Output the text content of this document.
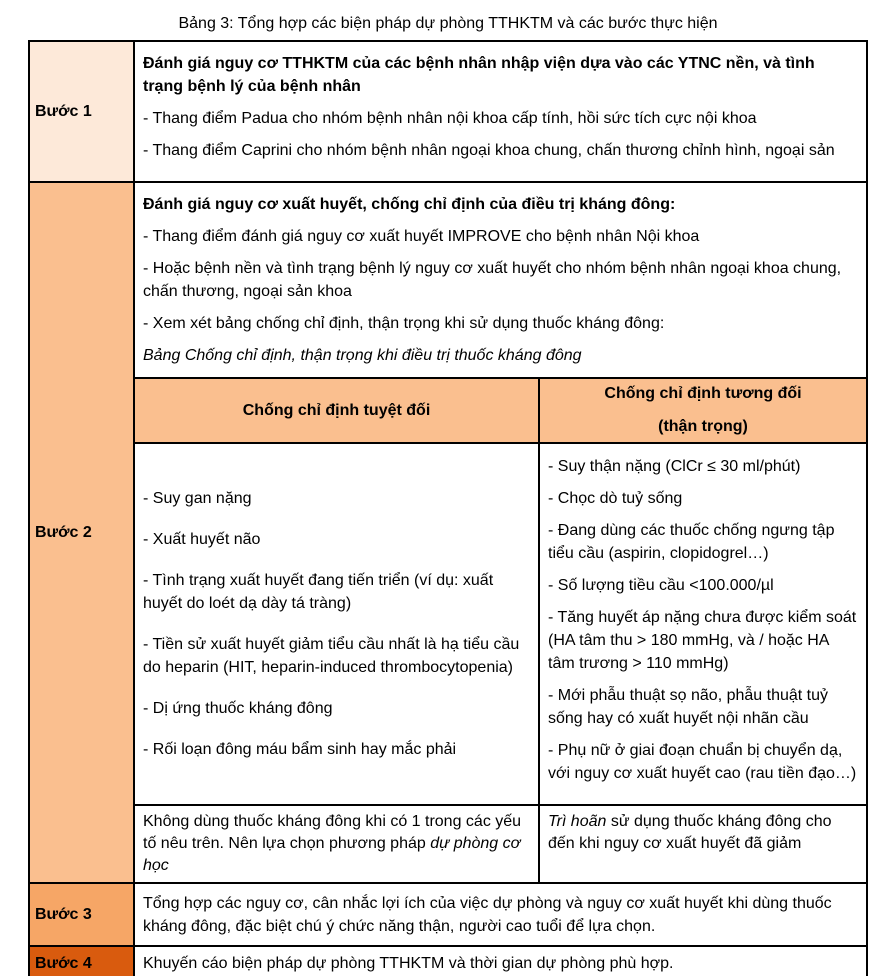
Bảng 3: Tổng hợp các biện pháp dự phòng TTHKTM và các bước thực hiện
Bước 1

Đánh giá nguy cơ TTHKTM của các bệnh nhân nhập viện dựa vào các YTNC nền, và tình trạng bệnh lý của bệnh nhân

- Thang điểm Padua cho nhóm bệnh nhân nội khoa cấp tính, hồi sức tích cực nội khoa

- Thang điểm Caprini cho nhóm bệnh nhân ngoại khoa chung, chấn thương chỉnh hình, ngoại sản

Bước 2

Đánh giá nguy cơ xuất huyết, chống chỉ định của điều trị kháng đông:

- Thang điểm đánh giá nguy cơ xuất huyết IMPROVE cho bệnh nhân Nội khoa

- Hoặc bệnh nền và tình trạng bệnh lý nguy cơ xuất huyết cho nhóm bệnh nhân ngoại khoa chung, chấn thương, ngoại sản khoa

- Xem xét bảng chống chỉ định, thận trọng khi sử dụng thuốc kháng đông:

Bảng Chống chỉ định, thận trọng khi điều trị thuốc kháng đông

Chống chỉ định tuyệt đối
Chống chỉ định tương đối
(thận trọng)

- Suy gan nặng

- Xuất huyết não

- Tình trạng xuất huyết đang tiến triển (ví dụ: xuất huyết do loét dạ dày tá tràng)

- Tiền sử xuất huyết giảm tiểu cầu nhất là hạ tiểu cầu do heparin (HIT, heparin-induced thrombocytopenia)

- Dị ứng thuốc kháng đông

- Rối loạn đông máu bẩm sinh hay mắc phải

- Suy thận nặng (ClCr ≤ 30 ml/phút)

- Chọc dò tuỷ sống

- Đang dùng các thuốc chống ngưng tập tiểu cầu (aspirin, clopidogrel…)

- Số lượng tiều cầu <100.000/µl

- Tăng huyết áp nặng chưa được kiểm soát (HA tâm thu > 180 mmHg, và / hoặc HA tâm trương > 110 mmHg)

- Mới phẫu thuật sọ não, phẫu thuật tuỷ sống hay có xuất huyết nội nhãn cầu

- Phụ nữ ở giai đoạn chuẩn bị chuyển dạ, với nguy cơ xuất huyết cao (rau tiền đạo…)

Không dùng thuốc kháng đông khi có 1 trong các yếu tố nêu trên. Nên lựa chọn phương pháp dự phòng cơ học

Trì hoãn sử dụng thuốc kháng đông cho đến khi nguy cơ xuất huyết đã giảm

Bước 3

Tổng hợp các nguy cơ, cân nhắc lợi ích của việc dự phòng và nguy cơ xuất huyết khi dùng thuốc kháng đông, đặc biệt chú ý chức năng thận, người cao tuổi để lựa chọn.

Bước 4	Khuyến cáo biện pháp dự phòng TTHKTM và thời gian dự phòng phù hợp.
